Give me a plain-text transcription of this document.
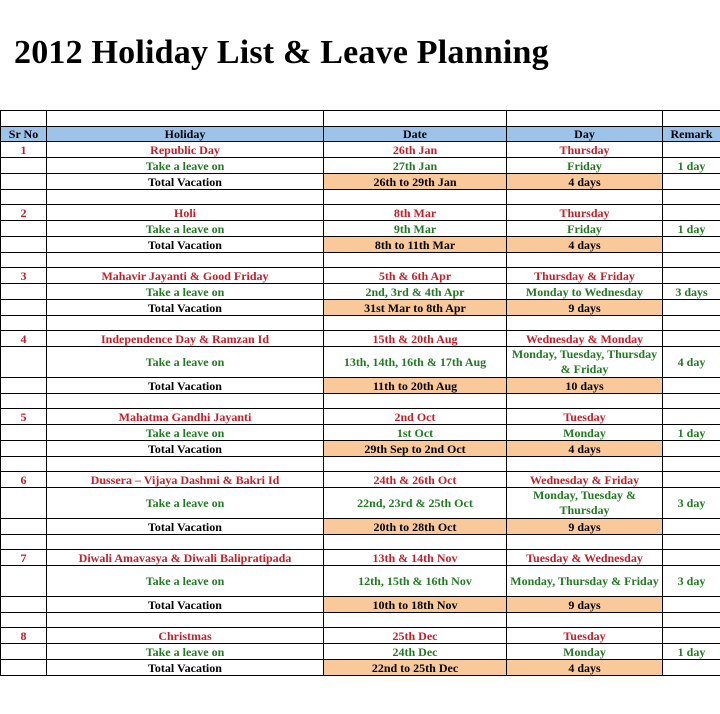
2012 Holiday List & Leave Planning

Sr No	Holiday	Date	Day	Remark
1	Republic Day	26th Jan	Thursday	
	Take a leave on	27th Jan	Friday	1 day
	Total Vacation	26th to 29th Jan	4 days	

2	Holi	8th Mar	Thursday	
	Take a leave on	9th Mar	Friday	1 day
	Total Vacation	8th to 11th Mar	4 days	

3	Mahavir Jayanti & Good Friday	5th & 6th Apr	Thursday & Friday	
	Take a leave on	2nd, 3rd & 4th Apr	Monday to Wednesday	3 days
	Total Vacation	31st Mar to 8th Apr	9 days	

4	Independence Day & Ramzan Id	15th & 20th Aug	Wednesday & Monday	
	Take a leave on	13th, 14th, 16th & 17th Aug	Monday, Tuesday, Thursday & Friday	4 day
	Total Vacation	11th to 20th Aug	10 days	

5	Mahatma Gandhi Jayanti	2nd Oct	Tuesday	
	Take a leave on	1st Oct	Monday	1 day
	Total Vacation	29th Sep to 2nd Oct	4 days	

6	Dussera – Vijaya Dashmi & Bakri Id	24th & 26th Oct	Wednesday & Friday	
	Take a leave on	22nd, 23rd & 25th Oct	Monday, Tuesday & Thursday	3 day
	Total Vacation	20th to 28th Oct	9 days	

7	Diwali Amavasya & Diwali Balipratipada	13th & 14th Nov	Tuesday & Wednesday	
	Take a leave on	12th, 15th & 16th Nov	Monday, Thursday & Friday	3 day
	Total Vacation	10th to 18th Nov	9 days	

8	Christmas	25th Dec	Tuesday	
	Take a leave on	24th Dec	Monday	1 day
	Total Vacation	22nd to 25th Dec	4 days	
